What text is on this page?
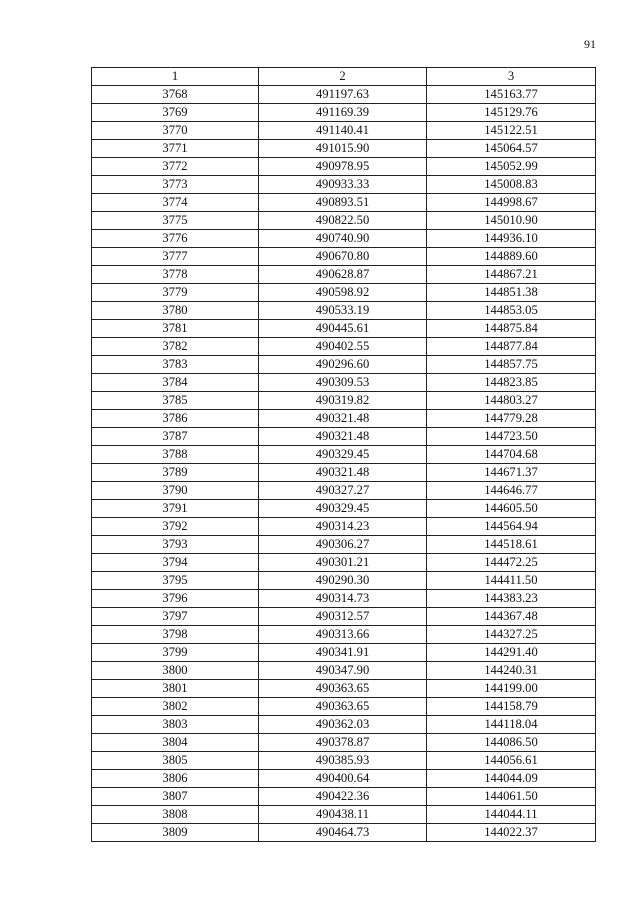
91
1	2	3
3768	491197.63	145163.77
3769	491169.39	145129.76
3770	491140.41	145122.51
3771	491015.90	145064.57
3772	490978.95	145052.99
3773	490933.33	145008.83
3774	490893.51	144998.67
3775	490822.50	145010.90
3776	490740.90	144936.10
3777	490670.80	144889.60
3778	490628.87	144867.21
3779	490598.92	144851.38
3780	490533.19	144853.05
3781	490445.61	144875.84
3782	490402.55	144877.84
3783	490296.60	144857.75
3784	490309.53	144823.85
3785	490319.82	144803.27
3786	490321.48	144779.28
3787	490321.48	144723.50
3788	490329.45	144704.68
3789	490321.48	144671.37
3790	490327.27	144646.77
3791	490329.45	144605.50
3792	490314.23	144564.94
3793	490306.27	144518.61
3794	490301.21	144472.25
3795	490290.30	144411.50
3796	490314.73	144383.23
3797	490312.57	144367.48
3798	490313.66	144327.25
3799	490341.91	144291.40
3800	490347.90	144240.31
3801	490363.65	144199.00
3802	490363.65	144158.79
3803	490362.03	144118.04
3804	490378.87	144086.50
3805	490385.93	144056.61
3806	490400.64	144044.09
3807	490422.36	144061.50
3808	490438.11	144044.11
3809	490464.73	144022.37
